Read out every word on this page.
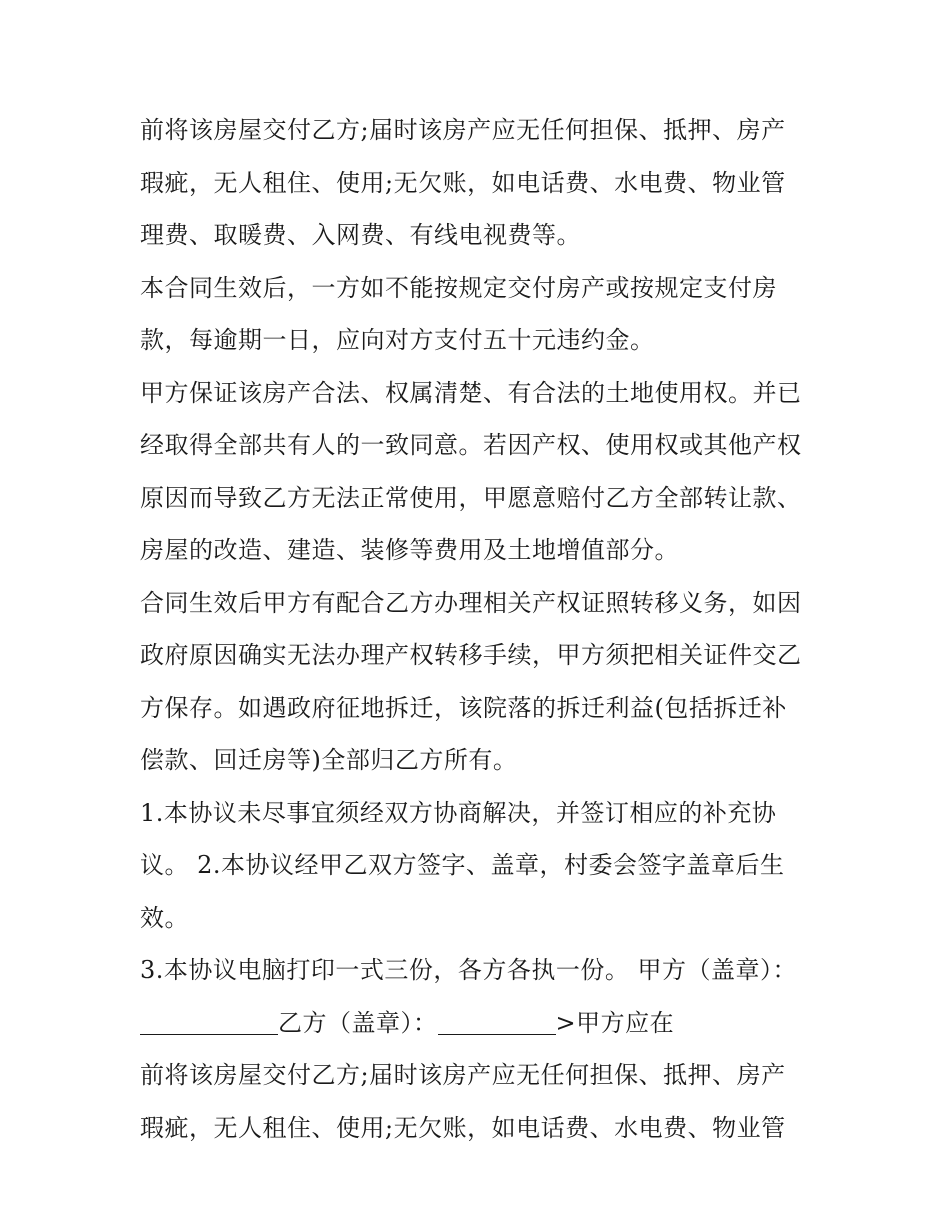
前将该房屋交付乙方;届时该房产应无任何担保、抵押、房产
瑕疵，无人租住、使用;无欠账，如电话费、水电费、物业管
理费、取暖费、入网费、有线电视费等。
本合同生效后，一方如不能按规定交付房产或按规定支付房
款，每逾期一日，应向对方支付五十元违约金。
甲方保证该房产合法、权属清楚、有合法的土地使用权。并已
经取得全部共有人的一致同意。若因产权、使用权或其他产权
原因而导致乙方无法正常使用，甲愿意赔付乙方全部转让款、
房屋的改造、建造、装修等费用及土地增值部分。
合同生效后甲方有配合乙方办理相关产权证照转移义务，如因
政府原因确实无法办理产权转移手续，甲方须把相关证件交乙
方保存。如遇政府征地拆迁，该院落的拆迁利益(包括拆迁补
偿款、回迁房等)全部归乙方所有。
1.本协议未尽事宜须经双方协商解决，并签订相应的补充协
议。 2.本协议经甲乙双方签字、盖章，村委会签字盖章后生
效。
3.本协议电脑打印一式三份，各方各执一份。 甲方（盖章）：
乙方（盖章）：	>甲方应在
前将该房屋交付乙方;届时该房产应无任何担保、抵押、房产
瑕疵，无人租住、使用;无欠账，如电话费、水电费、物业管
